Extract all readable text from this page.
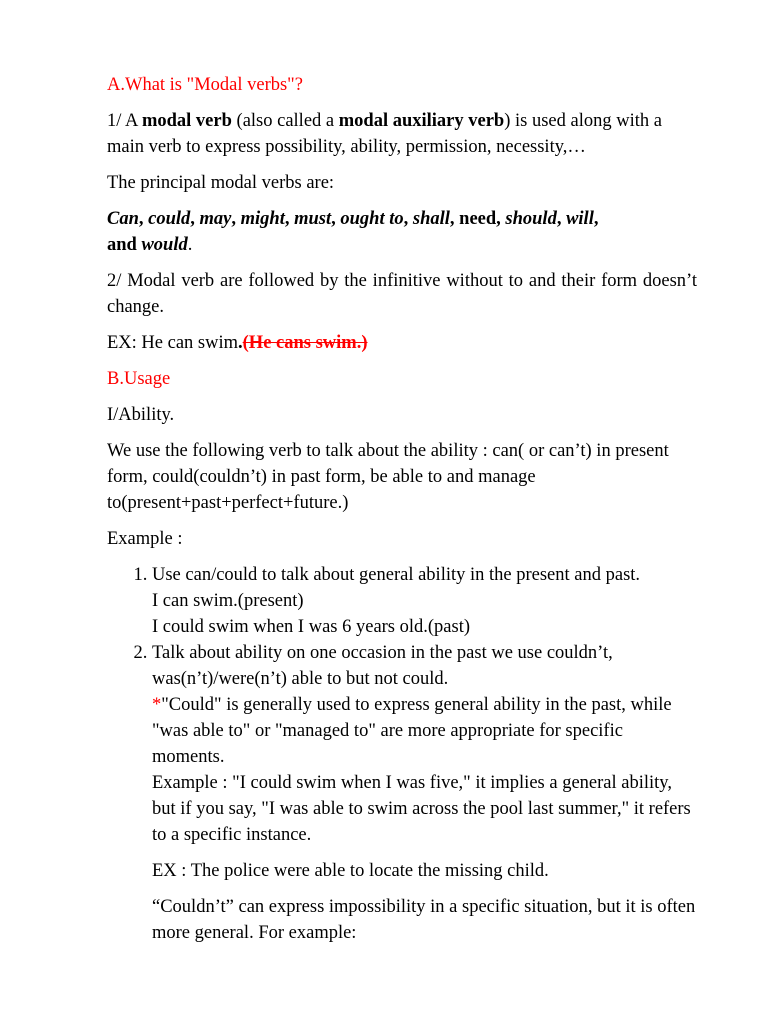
A.What is "Modal verbs"?

1/ A modal verb (also called a modal auxiliary verb) is used along with a main verb to express possibility, ability, permission, necessity,…

The principal modal verbs are:

Can, could, may, might, must, ought to, shall, need, should, will,
and would.

2/ Modal verb are followed by the infinitive without to and their form doesn’t change.

EX: He can swim.(He cans swim.)

B.Usage

I/Ability.

We use the following verb to talk about the ability : can( or can’t) in present form, could(couldn’t) in past form, be able to and manage to(present+past+perfect+future.)

Example :

1. Use can/could to talk about general ability in the present and past.
I can swim.(present)
I could swim when I was 6 years old.(past)
2. Talk about ability on one occasion in the past we use couldn’t, was(n’t)/were(n’t) able to but not could.
*"Could" is generally used to express general ability in the past, while "was able to" or "managed to" are more appropriate for specific moments.
Example : "I could swim when I was five," it implies a general ability, but if you say, "I was able to swim across the pool last summer," it refers to a specific instance.
EX : The police were able to locate the missing child.
“Couldn’t” can express impossibility in a specific situation, but it is often more general. For example:
